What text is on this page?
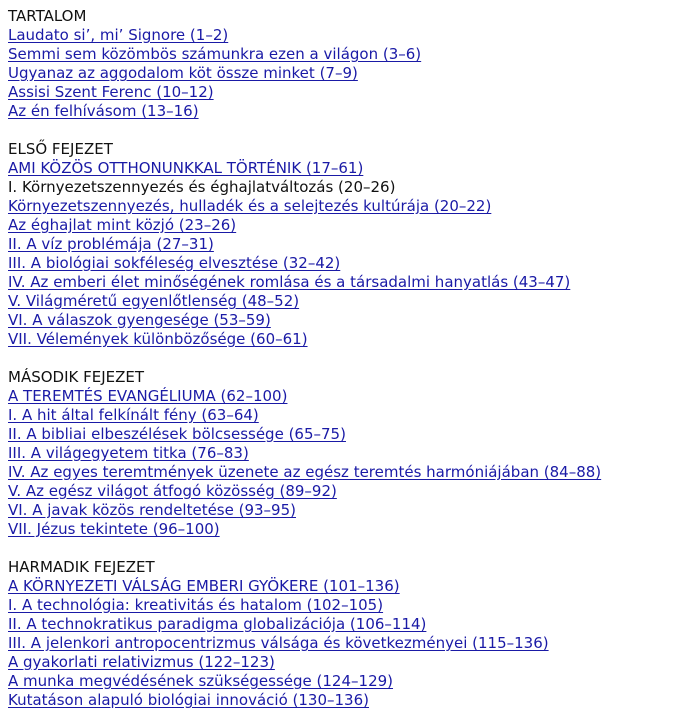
TARTALOM
Laudato si’, mi’ Signore (1–2)
Semmi sem közömbös számunkra ezen a világon (3–6)
Ugyanaz az aggodalom köt össze minket (7–9)
Assisi Szent Ferenc (10–12)
Az én felhívásom (13–16)
ELSŐ FEJEZET
AMI KÖZÖS OTTHONUNKKAL TÖRTÉNIK (17–61)
I. Környezetszennyezés és éghajlatváltozás (20–26)
Környezetszennyezés, hulladék és a selejtezés kultúrája (20–22)
Az éghajlat mint közjó (23–26)
II. A víz problémája (27–31)
III. A biológiai sokféleség elvesztése (32–42)
IV. Az emberi élet minőségének romlása és a társadalmi hanyatlás (43–47)
V. Világméretű egyenlőtlenség (48–52)
VI. A válaszok gyengesége (53–59)
VII. Vélemények különbözősége (60–61)
MÁSODIK FEJEZET
A TEREMTÉS EVANGÉLIUMA (62–100)
I. A hit által felkínált fény (63–64)
II. A bibliai elbeszélések bölcsessége (65–75)
III. A világegyetem titka (76–83)
IV. Az egyes teremtmények üzenete az egész teremtés harmóniájában (84–88)
V. Az egész világot átfogó közösség (89–92)
VI. A javak közös rendeltetése (93–95)
VII. Jézus tekintete (96–100)
HARMADIK FEJEZET
A KÖRNYEZETI VÁLSÁG EMBERI GYÖKERE (101–136)
I. A technológia: kreativitás és hatalom (102–105)
II. A technokratikus paradigma globalizációja (106–114)
III. A jelenkori antropocentrizmus válsága és következményei (115–136)
A gyakorlati relativizmus (122–123)
A munka megvédésének szükségessége (124–129)
Kutatáson alapuló biológiai innováció (130–136)
